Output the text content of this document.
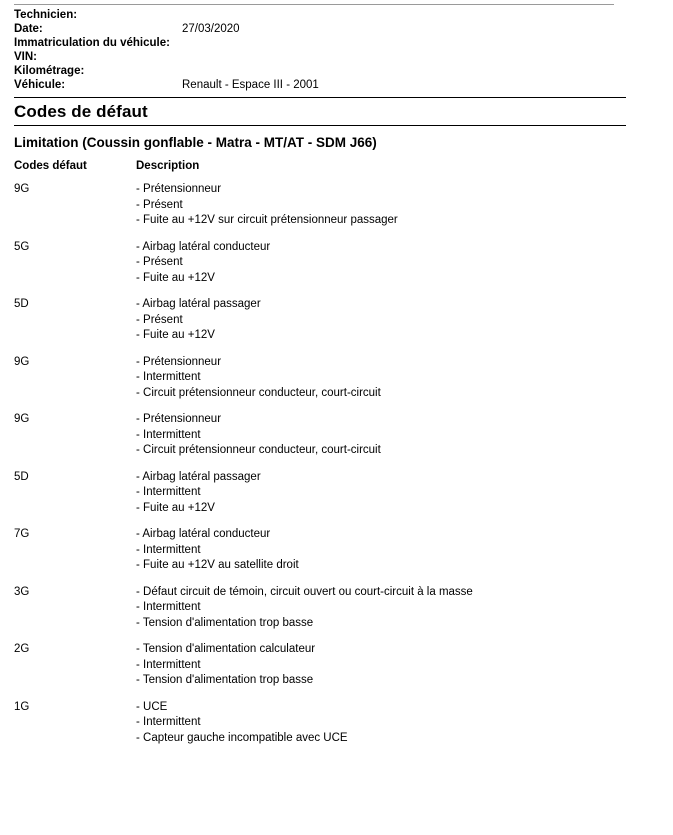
Technicien:	
Date:	27/03/2020
Immatriculation du véhicule:	
VIN:	
Kilométrage:	
Véhicule:	Renault - Espace III - 2001
Codes de défaut
Limitation (Coussin gonflable - Matra - MT/AT - SDM J66)
Codes défaut	Description
9G	- Prétensionneur
- Présent
- Fuite au +12V sur circuit prétensionneur passager

5G	- Airbag latéral conducteur
- Présent
- Fuite au +12V

5D	- Airbag latéral passager
- Présent
- Fuite au +12V

9G	- Prétensionneur
- Intermittent
- Circuit prétensionneur conducteur, court-circuit

9G	- Prétensionneur
- Intermittent
- Circuit prétensionneur conducteur, court-circuit

5D	- Airbag latéral passager
- Intermittent
- Fuite au +12V

7G	- Airbag latéral conducteur
- Intermittent
- Fuite au +12V au satellite droit

3G	- Défaut circuit de témoin, circuit ouvert ou court-circuit à la masse
- Intermittent
- Tension d'alimentation trop basse

2G	- Tension d'alimentation calculateur
- Intermittent
- Tension d'alimentation trop basse

1G	- UCE
- Intermittent
- Capteur gauche incompatible avec UCE
